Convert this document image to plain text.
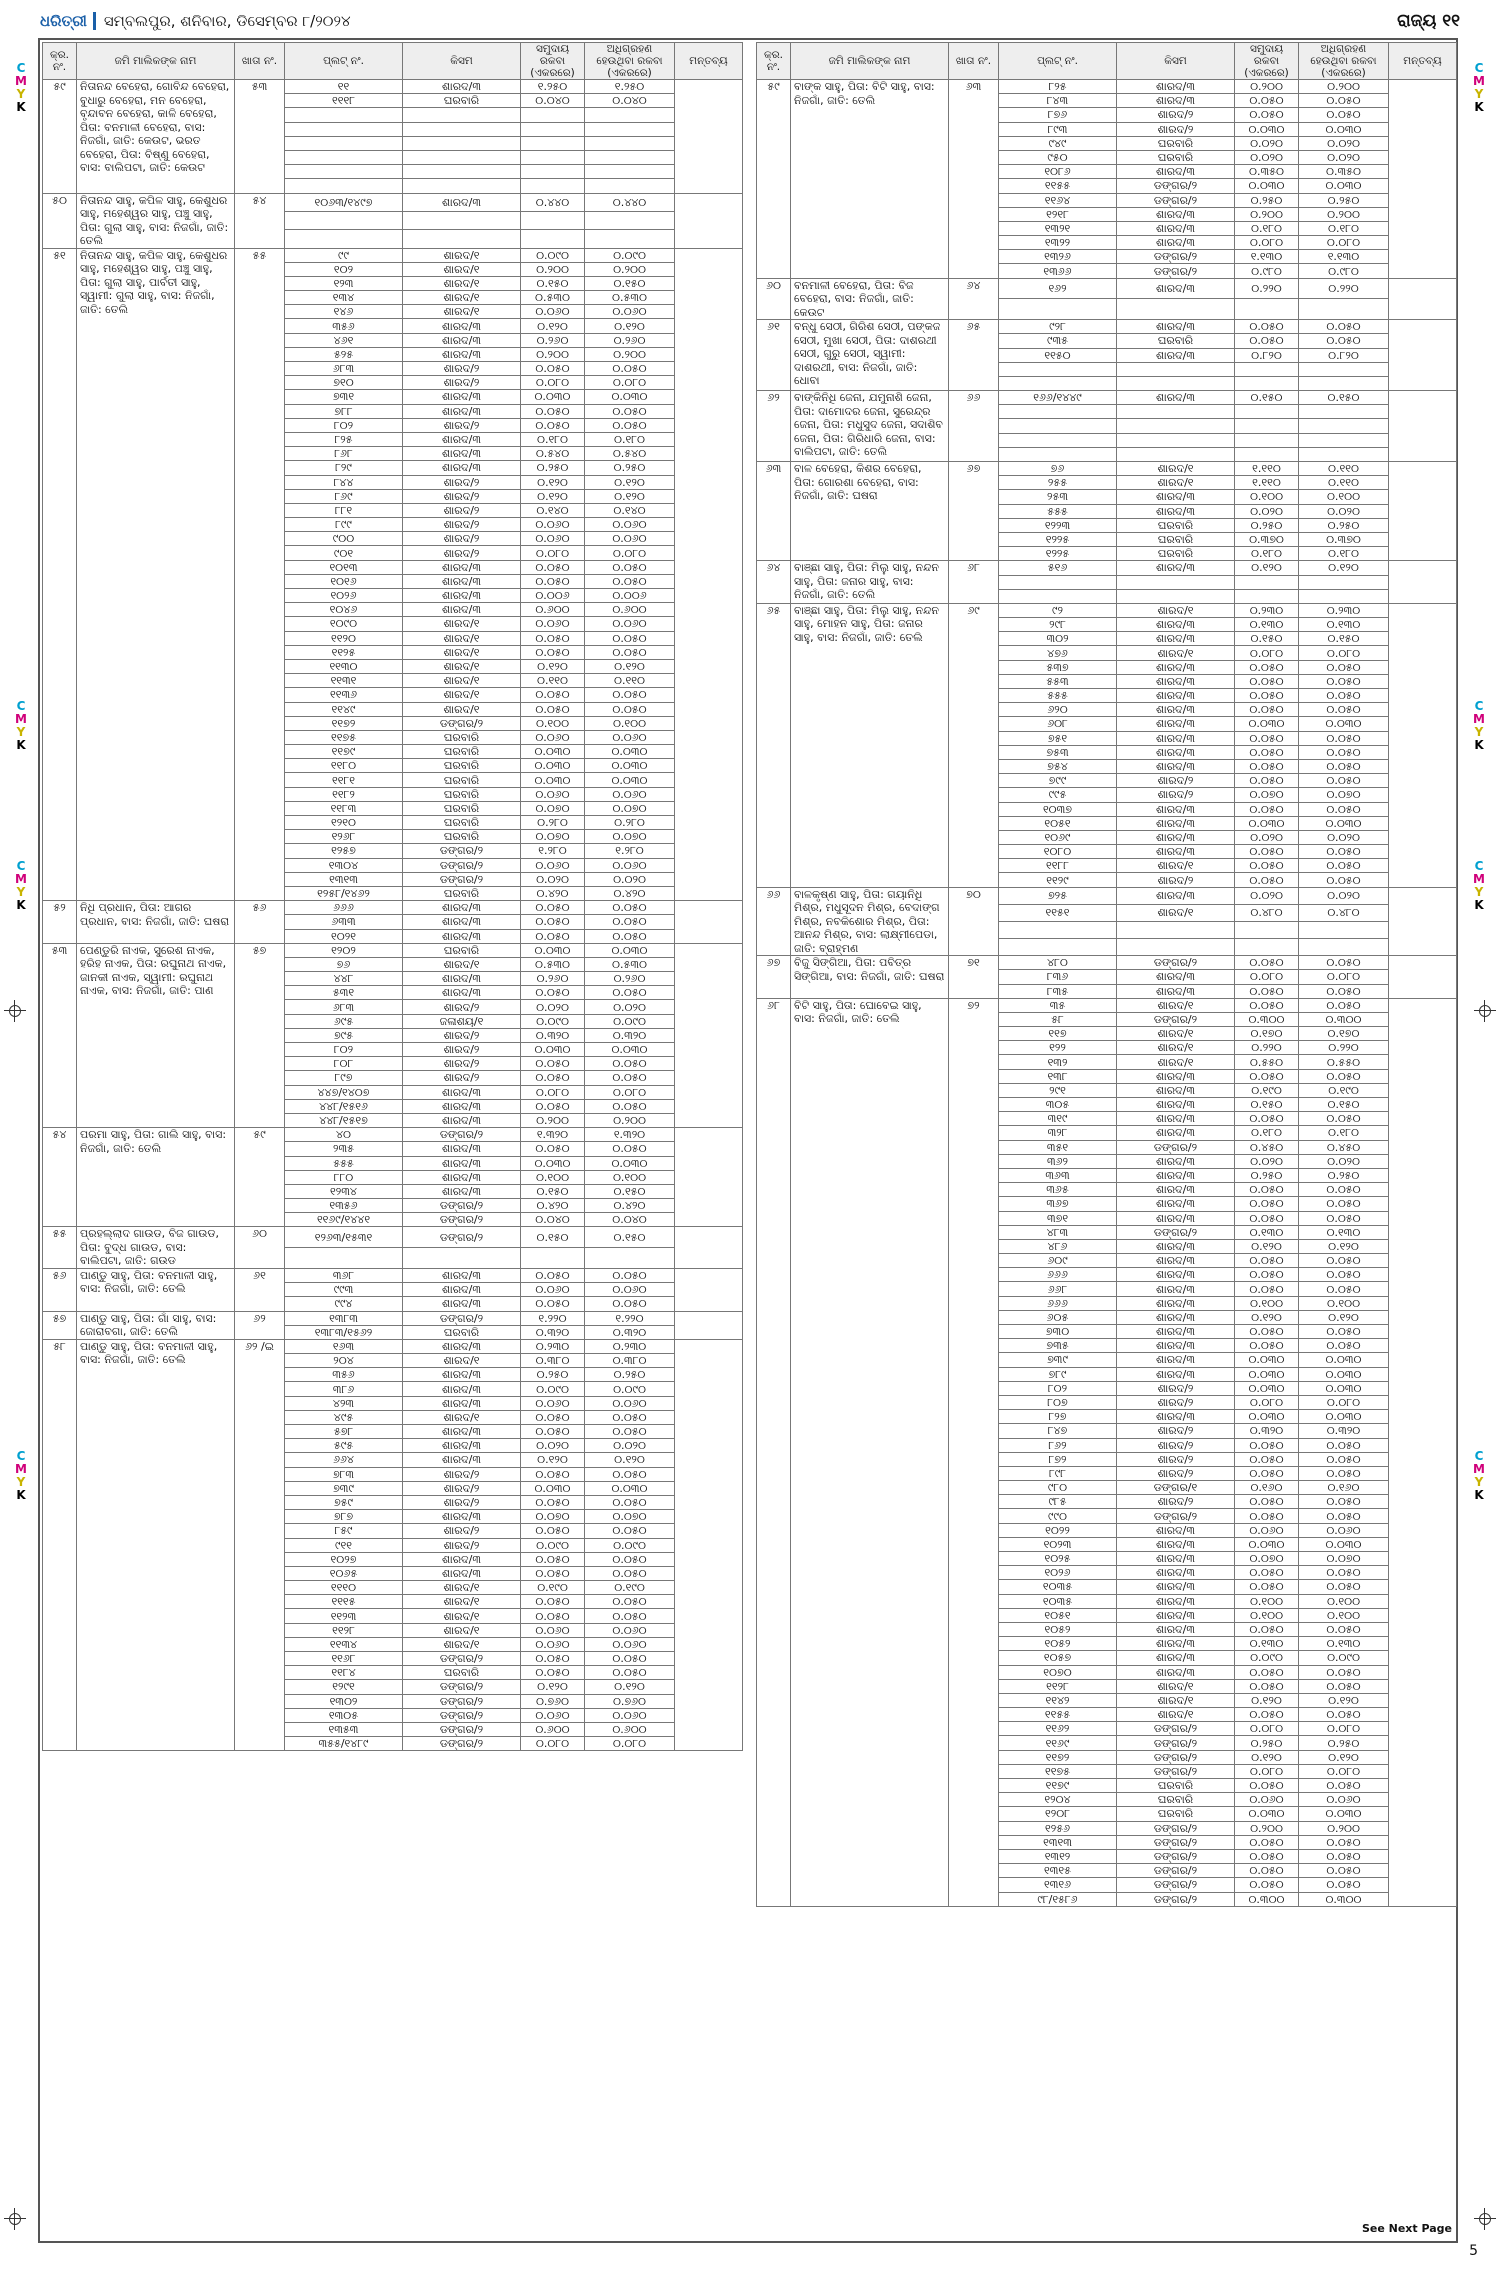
ଧରିତ୍ରୀ ସମ୍ବଲପୁର, ଶନିବାର, ଡିସେମ୍ବର ୮/୨୦୨୪	ରାଜ୍ୟ ୧୧
କ୍ର. ନଂ.	ଜମି ମାଲିକଙ୍କ ନାମ	ଖାତା ନଂ.	ପ୍ଲଟ୍ ନଂ.	କିସମ	ସମୁଦାୟ ରକବା (ଏକରରେ)	ଅଧିଗ୍ରହଣ ହେଉଥିବା ରକବା (ଏକରରେ)	ମନ୍ତବ୍ୟ
୫୯	ନିତାନନ୍ଦ ବେହେରା, ଗୋବିନ୍ଦ ବେହେରା, ବୁଧାରୁ ବେହେରା, ମନ ବେହେରା, ବୃନ୍ଦାବନ ବେହେରା, କାଳି ବେହେରା, ପିତା: ବନମାଳୀ ବେହେରା, ବାସ: ନିଜଗାଁ, ଜାତି: କେଉଟ, ଭରତ ବେହେରା, ପିତା: ବିଷ୍ଣୁ ବେହେରା, ବାସ: ବାଲିପଟା, ଜାତି: କେଉଟ	୫୩	୧୧	ଶାରଦ/୩	୧.୨୫୦	୧.୨୫୦	
			୧୧୧୮	ଘରବାରି	୦.୦୪୦	୦.୦୪୦	

୫୦	ନିତାନନ୍ଦ ସାହୁ, କପିଳ ସାହୁ, କେଶୁଧର ସାହୁ, ମହେଶ୍ୱର ସାହୁ, ପଞ୍ଚୁ ସାହୁ, ପିତା: ଗୁଲା ସାହୁ, ବାସ: ନିଜଗାଁ, ଜାତି: ତେଲି	୫୪	୧୦୬୩/୧୪୯୭	ଶାରଦ/୩	୦.୪୪୦	୦.୪୪୦	

୫୧	ନିତାନନ୍ଦ ସାହୁ, କପିଳ ସାହୁ, କେଶୁଧର ସାହୁ, ମହେଶ୍ୱର ସାହୁ, ପଞ୍ଚୁ ସାହୁ, ପିତା: ଗୁଲା ସାହୁ, ପାର୍ବତୀ ସାହୁ, ସ୍ୱାମୀ: ଗୁଲା ସାହୁ, ବାସ: ନିଜଗାଁ, ଜାତି: ତେଲି	୫୫	୯୯	ଶାରଦ/୧	୦.୦୯୦	୦.୦୯୦	
			୧୦୨	ଶାରଦ/୧	୦.୨୦୦	୦.୨୦୦	
			୧୨୩	ଶାରଦ/୧	୦.୧୫୦	୦.୧୫୦	
			୧୩୪	ଶାରଦ/୧	୦.୫୩୦	୦.୫୩୦	
			୧୪୬	ଶାରଦ/୧	୦.୦୬୦	୦.୦୬୦	
			୩୫୬	ଶାରଦ/୩	୦.୧୨୦	୦.୧୨୦	
			୪୬୧	ଶାରଦ/୩	୦.୨୬୦	୦.୨୬୦	
			୫୨୫	ଶାରଦ/୩	୦.୨୦୦	୦.୨୦୦	
			୬୮୩	ଶାରଦ/୨	୦.୦୫୦	୦.୦୫୦	
			୭୧୦	ଶାରଦ/୨	୦.୦୮୦	୦.୦୮୦	
			୭୩୧	ଶାରଦ/୩	୦.୦୩୦	୦.୦୩୦	
			୭୮୮	ଶାରଦ/୩	୦.୦୫୦	୦.୦୫୦	
			୮୦୨	ଶାରଦ/୨	୦.୦୫୦	୦.୦୫୦	
			୮୨୫	ଶାରଦ/୩	୦.୧୮୦	୦.୧୮୦	
			୮୬୮	ଶାରଦ/୩	୦.୫୪୦	୦.୫୪୦	
			୮୨୯	ଶାରଦ/୩	୦.୨୫୦	୦.୨୫୦	
			୮୪୪	ଶାରଦ/୨	୦.୧୨୦	୦.୧୨୦	
			୮୬୯	ଶାରଦ/୨	୦.୧୨୦	୦.୧୨୦	
			୮୮୧	ଶାରଦ/୨	୦.୧୪୦	୦.୧୪୦	
			୮୯୯	ଶାରଦ/୨	୦.୦୬୦	୦.୦୬୦	
			୯୦୦	ଶାରଦ/୨	୦.୦୬୦	୦.୦୬୦	
			୯୦୧	ଶାରଦ/୨	୦.୦୮୦	୦.୦୮୦	
			୧୦୧୩	ଶାରଦ/୩	୦.୦୫୦	୦.୦୫୦	
			୧୦୧୬	ଶାରଦ/୩	୦.୦୫୦	୦.୦୫୦	
			୧୦୨୬	ଶାରଦ/୩	୦.୦୦୬	୦.୦୦୬	
			୧୦୪୬	ଶାରଦ/୩	୦.୬୦୦	୦.୬୦୦	
			୧୦୯୦	ଶାରଦ/୧	୦.୦୬୦	୦.୦୬୦	
			୧୧୨୦	ଶାରଦ/୧	୦.୦୫୦	୦.୦୫୦	
			୧୧୨୫	ଶାରଦ/୧	୦.୦୫୦	୦.୦୫୦	
			୧୧୩୦	ଶାରଦ/୧	୦.୧୨୦	୦.୧୨୦	
			୧୧୩୧	ଶାରଦ/୧	୦.୧୧୦	୦.୧୧୦	
			୧୧୩୬	ଶାରଦ/୧	୦.୦୫୦	୦.୦୫୦	
			୧୧୪୯	ଶାରଦ/୧	୦.୦୫୦	୦.୦୫୦	
			୧୧୭୨	ଡଙ୍ଗର/୨	୦.୧୦୦	୦.୧୦୦	
			୧୧୭୫	ଘରବାରି	୦.୦୬୦	୦.୦୬୦	
			୧୧୭୯	ଘରବାରି	୦.୦୩୦	୦.୦୩୦	
			୧୧୮୦	ଘରବାରି	୦.୦୩୦	୦.୦୩୦	
			୧୧୮୧	ଘରବାରି	୦.୦୩୦	୦.୦୩୦	
			୧୧୮୨	ଘରବାରି	୦.୦୬୦	୦.୦୬୦	
			୧୧୮୩	ଘରବାରି	୦.୦୭୦	୦.୦୭୦	
			୧୨୧୦	ଘରବାରି	୦.୨୮୦	୦.୨୮୦	
			୧୨୬୮	ଘରବାରି	୦.୦୭୦	୦.୦୭୦	
			୧୨୫୭	ଡଙ୍ଗର/୨	୧.୨୮୦	୧.୨୮୦	
			୧୩୦୪	ଡଙ୍ଗର/୨	୦.୦୬୦	୦.୦୬୦	
			୧୩୧୩	ଡଙ୍ଗର/୨	୦.୦୨୦	୦.୦୨୦	
			୧୨୫୮/୧୪୬୨	ଘରବାରି	୦.୪୨୦	୦.୪୨୦	
୫୨	ନିଧି ପ୍ରଧାନ, ପିତା: ଆଗର ପ୍ରଧାନ, ବାସ: ନିଜଗାଁ, ଜାତି: ଘଷରା	୫୬	୬୬୬	ଶାରଦ/୩	୦.୦୫୦	୦.୦୫୦	
			୬୩୩	ଶାରଦ/୩	୦.୦୫୦	୦.୦୫୦	
			୧୦୨୧	ଶାରଦ/୩	୦.୦୫୦	୦.୦୫୦	
୫୩	ପେଣ୍ଡୁରି ନାଏକ, ସୁରେଶ ନାଏକ, ହରିହ ନାଏକ, ପିତା: ରଘୁନାଥ ନାଏକ, ଜାନକୀ ନାଏକ, ସ୍ୱାମୀ: ରଘୁନାଥ ନାଏକ, ବାସ: ନିଜଗାଁ, ଜାତି: ପାଣ	୫୭	୧୨୦୨	ଘରବାରି	୦.୦୩୦	୦.୦୩୦	
			୭୬	ଶାରଦ/୧	୦.୫୩୦	୦.୫୩୦	
			୪୪୮	ଶାରଦ/୩	୦.୨୬୦	୦.୨୬୦	
			୫୩୧	ଶାରଦ/୩	୦.୦୫୦	୦.୦୫୦	
			୬୮୩	ଶାରଦ/୨	୦.୦୨୦	୦.୦୨୦	
			୬୯୫	ଜଳାଶୟ/୧	୦.୦୯୦	୦.୦୯୦	
			୭୯୫	ଶାରଦ/୨	୦.୩୨୦	୦.୩୨୦	
			୮୦୨	ଶାରଦ/୨	୦.୦୩୦	୦.୦୩୦	
			୮୦୮	ଶାରଦ/୨	୦.୦୫୦	୦.୦୫୦	
			୮୯୭	ଶାରଦ/୨	୦.୦୫୦	୦.୦୫୦	
			୪୪୭/୧୪୦୭	ଶାରଦ/୩	୦.୦୮୦	୦.୦୮୦	
			୪୪୮/୧୫୧୬	ଶାରଦ/୩	୦.୦୫୦	୦.୦୫୦	
			୪୪୮/୧୫୧୭	ଶାରଦ/୩	୦.୨୦୦	୦.୨୦୦	
୫୪	ପରମା ସାହୁ, ପିତା: ଗାଲି ସାହୁ, ବାସ: ନିଜଗାଁ, ଜାତି: ତେଲି	୫୯	୪୦	ଡଙ୍ଗର/୨	୧.୩୨୦	୧.୩୨୦	
			୨୩୫	ଶାରଦ/୩	୦.୦୫୦	୦.୦୫୦	
			୫୫୫	ଶାରଦ/୩	୦.୦୩୦	୦.୦୩୦	
			୮୮୦	ଶାରଦ/୩	୦.୧୦୦	୦.୧୦୦	
			୧୨୩୪	ଶାରଦ/୩	୦.୧୫୦	୦.୧୫୦	
			୧୩୫୬	ଡଙ୍ଗର/୨	୦.୪୨୦	୦.୪୨୦	
			୧୧୬୯/୧୪୪୧	ଡଙ୍ଗର/୨	୦.୦୪୦	୦.୦୪୦	
୫୫	ପ୍ରହଲ୍ଲାଦ ଗାଉଡ, ବିଜ ଗାଉଡ, ପିତା: ବୁଦ୍ଧ ଗାଉଡ, ବାସ: ବାଲିପଟା, ଜାତି: ଗଉଡ	୬୦	୧୨୬୩/୧୫୩୧	ଡଙ୍ଗର/୨	୦.୧୫୦	୦.୧୫୦	

୫୬	ପାଣ୍ଡୁ ସାହୁ, ପିତା: ବନମାଳୀ ସାହୁ, ବାସ: ନିଜଗାଁ, ଜାତି: ତେଲି	୬୧	୩୬୮	ଶାରଦ/୩	୦.୦୫୦	୦.୦୫୦	
			୯୯୩	ଶାରଦ/୩	୦.୦୬୦	୦.୦୬୦	
			୯୯୪	ଶାରଦ/୩	୦.୦୫୦	୦.୦୫୦	
୫୭	ପାଣ୍ଡୁ ସାହୁ, ପିତା: ଗାଁ ସାହୁ, ବାସ: ଜୋରାବଗା, ଜାତି: ତେଲି	୬୨	୧୩୮୩	ଡଙ୍ଗର/୨	୧.୨୨୦	୧.୨୨୦	
			୧୩୮୩/୧୫୬୨	ଘରବାରି	୦.୩୨୦	୦.୩୨୦	
୫୮	ପାଣ୍ଡୁ ସାହୁ, ପିତା: ବନମାଳୀ ସାହୁ, ବାସ: ନିଜଗାଁ, ଜାତି: ତେଲି	୬୨ /ଇ	୧୬୩	ଶାରଦ/୩	୦.୨୩୦	୦.୨୩୦	
			୨୦୪	ଶାରଦ/୧	୦.୩୮୦	୦.୩୮୦	
			୩୫୬	ଶାରଦ/୩	୦.୨୫୦	୦.୨୫୦	
			୩୮୬	ଶାରଦ/୩	୦.୦୯୦	୦.୦୯୦	
			୪୨୩	ଶାରଦ/୩	୦.୦୬୦	୦.୦୬୦	
			୪୯୫	ଶାରଦ/୧	୦.୦୫୦	୦.୦୫୦	
			୫୭୮	ଶାରଦ/୩	୦.୦୫୦	୦.୦୫୦	
			୫୯୫	ଶାରଦ/୩	୦.୦୨୦	୦.୦୨୦	
			୬୬୪	ଶାରଦ/୩	୦.୧୨୦	୦.୧୨୦	
			୭୮୩	ଶାରଦ/୨	୦.୦୫୦	୦.୦୫୦	
			୭୩୯	ଶାରଦ/୨	୦.୦୩୦	୦.୦୩୦	
			୭୫୯	ଶାରଦ/୨	୦.୦୫୦	୦.୦୫୦	
			୭୮୭	ଶାରଦ/୩	୦.୦୭୦	୦.୦୭୦	
			୮୫୯	ଶାରଦ/୨	୦.୦୫୦	୦.୦୫୦	
			୯୧୧	ଶାରଦ/୨	୦.୦୯୦	୦.୦୯୦	
			୧୦୨୭	ଶାରଦ/୩	୦.୦୫୦	୦.୦୫୦	
			୧୦୬୫	ଶାରଦ/୩	୦.୦୫୦	୦.୦୫୦	
			୧୧୧୦	ଶାରଦ/୧	୦.୧୯୦	୦.୧୯୦	
			୧୧୧୫	ଶାରଦ/୧	୦.୦୫୦	୦.୦୫୦	
			୧୧୨୩	ଶାରଦ/୧	୦.୦୫୦	୦.୦୫୦	
			୧୧୨୮	ଶାରଦ/୧	୦.୦୬୦	୦.୦୬୦	
			୧୧୩୪	ଶାରଦ/୧	୦.୦୬୦	୦.୦୬୦	
			୧୧୬୮	ଡଙ୍ଗର/୨	୦.୦୫୦	୦.୦୫୦	
			୧୧୮୪	ଘରବାରି	୦.୦୫୦	୦.୦୫୦	
			୧୨୯୧	ଡଙ୍ଗର/୨	୦.୧୨୦	୦.୧୨୦	
			୧୩୦୨	ଡଙ୍ଗର/୨	୦.୭୬୦	୦.୭୬୦	
			୧୩୦୫	ଡଙ୍ଗର/୨	୦.୦୬୦	୦.୦୬୦	
			୧୩୫୩	ଡଙ୍ଗର/୨	୦.୬୦୦	୦.୬୦୦	
			୩୫୫/୧୪୮୯	ଡଙ୍ଗର/୨	୦.୦୮୦	୦.୦୮୦	
କ୍ର. ନଂ.	ଜମି ମାଲିକଙ୍କ ନାମ	ଖାତା ନଂ.	ପ୍ଲଟ୍ ନଂ.	କିସମ	ସମୁଦାୟ ରକବା (ଏକରରେ)	ଅଧିଗ୍ରହଣ ହେଉଥିବା ରକବା (ଏକରରେ)	ମନ୍ତବ୍ୟ
୫୯	ବାଙ୍କ ସାହୁ, ପିତା: ବିଟି ସାହୁ, ବାସ: ନିଜଗାଁ, ଜାତି: ତେଲି	୬୩	୮୨୫	ଶାରଦ/୩	୦.୨୦୦	୦.୨୦୦	
			୮୪୩	ଶାରଦ/୩	୦.୦୫୦	୦.୦୫୦	
			୮୭୬	ଶାରଦ/୨	୦.୦୫୦	୦.୦୫୦	
			୮୯୩	ଶାରଦ/୨	୦.୦୩୦	୦.୦୩୦	
			୯୪୯	ଘରବାରି	୦.୦୨୦	୦.୦୨୦	
			୯୫୦	ଘରବାରି	୦.୦୨୦	୦.୦୨୦	
			୧୦୮୬	ଶାରଦ/୩	୦.୩୫୦	୦.୩୫୦	
			୧୧୫୫	ଡଙ୍ଗର/୨	୦.୦୩୦	୦.୦୩୦	
			୧୧୬୪	ଡଙ୍ଗର/୨	୦.୨୫୦	୦.୨୫୦	
			୧୨୧୮	ଶାରଦ/୩	୦.୨୦୦	୦.୨୦୦	
			୧୩୨୧	ଶାରଦ/୩	୦.୧୮୦	୦.୧୮୦	
			୧୩୨୨	ଶାରଦ/୩	୦.୦୮୦	୦.୦୮୦	
			୧୩୨୬	ଡଙ୍ଗର/୨	୧.୧୩୦	୧.୧୩୦	
			୧୩୬୬	ଡଙ୍ଗର/୨	୦.୯୮୦	୦.୯୮୦	
୬୦	ବନମାଳୀ ବେହେରା, ପିତା: ବିଜ ବେହେରା, ବାସ: ନିଜଗାଁ, ଜାତି: କେଉଟ	୬୪	୧୬୨	ଶାରଦ/୩	୦.୨୨୦	୦.୨୨୦	

୬୧	ବନ୍ଧୁ ସେଠୀ, ଗିରିଶ ସେଠୀ, ପଙ୍କଜ ସେଠୀ, ମୁଖା ସେଠୀ, ପିତା: ଦାଶରଥୀ ସେଠୀ, ଗୁରୁ ସେଠୀ, ସ୍ୱାମୀ: ଦାଶରଥୀ, ବାସ: ନିଜଗାଁ, ଜାତି: ଧୋବା	୬୫	୯୨୮	ଶାରଦ/୩	୦.୦୫୦	୦.୦୫୦	
			୯୩୫	ଘରବାରି	୦.୦୫୦	୦.୦୫୦	
			୧୧୫୦	ଶାରଦ/୩	୦.୮୨୦	୦.୮୨୦	

୬୨	ବାଙ୍କିନିଧି ଜେନା, ଯମୁନାଶି ଜେନା, ପିତା: ଦାମୋଦର ଜେନା, ସୁରେନ୍ଦ୍ର ଜେନା, ପିତା: ମଧୁସୁଦ ଜେନା, ସଦାଶିବ ଜେନା, ପିତା: ଗିରିଧାରି ଜେନା, ବାସ: ବାଲିପଟା, ଜାତି: ତେଲି	୬୬	୧୬୬/୧୪୪୯	ଶାରଦ/୩	୦.୧୫୦	୦.୧୫୦	

୬୩	ବାଳ ବେହେରା, କିଶର ବେହେରା, ପିତା: ଗୋରଶା ବେହେରା, ବାସ: ନିଜଗାଁ, ଜାତି: ଘଷରା	୬୭	୭୬	ଶାରଦ/୧	୧.୧୧୦	୦.୧୧୦	
			୨୫୫	ଶାରଦ/୧	୧.୧୧୦	୦.୧୧୦	
			୨୫୩	ଶାରଦ/୩	୦.୧୦୦	୦.୧୦୦	
			୫୫୫	ଶାରଦ/୩	୦.୦୨୦	୦.୦୨୦	
			୧୨୨୩	ଘରବାରି	୦.୨୫୦	୦.୨୫୦	
			୧୨୨୫	ଘରବାରି	୦.୩୭୦	୦.୩୭୦	
			୧୨୨୫	ଘରବାରି	୦.୧୮୦	୦.୧୮୦	
୬୪	ବାଞ୍ଛା ସାହୁ, ପିତା: ମିଲୁ ସାହୁ, ନନ୍ଦନ ସାହୁ, ପିତା: ଜନାର ସାହୁ, ବାସ: ନିଜଗାଁ, ଜାତି: ତେଲି	୬୮	୫୧୬	ଶାରଦ/୩	୦.୧୨୦	୦.୧୨୦	

୬୫	ବାଞ୍ଛା ସାହୁ, ପିତା: ମିଲୁ ସାହୁ, ନନ୍ଦନ ସାହୁ, ମୋହନ ସାହୁ, ପିତା: ଜନାର ସାହୁ, ବାସ: ନିଜଗାଁ, ଜାତି: ତେଲି	୬୯	୯୨	ଶାରଦ/୧	୦.୨୩୦	୦.୨୩୦	
			୨୯୮	ଶାରଦ/୩	୦.୧୩୦	୦.୧୩୦	
			୩୦୨	ଶାରଦ/୩	୦.୧୫୦	୦.୧୫୦	
			୪୭୬	ଶାରଦ/୧	୦.୦୮୦	୦.୦୮୦	
			୫୩୭	ଶାରଦ/୩	୦.୦୫୦	୦.୦୫୦	
			୫୫୩	ଶାରଦ/୩	୦.୦୫୦	୦.୦୫୦	
			୫୫୫	ଶାରଦ/୩	୦.୦୫୦	୦.୦୫୦	
			୬୨୦	ଶାରଦ/୩	୦.୦୫୦	୦.୦୫୦	
			୬୦୮	ଶାରଦ/୩	୦.୦୩୦	୦.୦୩୦	
			୭୫୧	ଶାରଦ/୩	୦.୦୫୦	୦.୦୫୦	
			୭୫୩	ଶାରଦ/୩	୦.୦୫୦	୦.୦୫୦	
			୭୫୪	ଶାରଦ/୩	୦.୦୫୦	୦.୦୫୦	
			୭୯୯	ଶାରଦ/୨	୦.୦୫୦	୦.୦୫୦	
			୯୯୫	ଶାରଦ/୨	୦.୦୭୦	୦.୦୭୦	
			୧୦୩୭	ଶାରଦ/୩	୦.୦୫୦	୦.୦୫୦	
			୧୦୫୧	ଶାରଦ/୩	୦.୦୩୦	୦.୦୩୦	
			୧୦୬୯	ଶାରଦ/୩	୦.୦୨୦	୦.୦୨୦	
			୧୦୮୦	ଶାରଦ/୩	୦.୦୫୦	୦.୦୫୦	
			୧୧୮୮	ଶାରଦ/୧	୦.୦୫୦	୦.୦୫୦	
			୧୧୨୯	ଶାରଦ/୨	୦.୦୫୦	୦.୦୫୦	
୬୬	ବାଳକୃଷ୍ଣ ସାହୁ, ପିତା: ଗୟାନିଧି ମିଶ୍ର, ମଧୁସୂଦନ ମିଶ୍ର, ବେଦାଙ୍ଗ ମିଶ୍ର, ନବକିଶୋର ମିଶ୍ର, ପିତା: ଆନନ୍ଦ ମିଶ୍ର, ବାସ: ଲାକ୍ଷ୍ମୀପେଡା, ଜାତି: ବ୍ରାହ୍ମଣ	୭୦	୭୨୫	ଶାରଦ/୩	୦.୦୨୦	୦.୦୨୦	
			୧୧୫୧	ଶାରଦ/୧	୦.୪୮୦	୦.୪୮୦	

୬୭	ବିଜୁ ସିଙ୍ଗିଆ, ପିତା: ପବିତ୍ର ସିଙ୍ଗିଆ, ବାସ: ନିଜଗାଁ, ଜାତି: ଘଷରା	୭୧	୪୮୦	ଡଙ୍ଗର/୨	୦.୦୫୦	୦.୦୫୦	
			୮୩୬	ଶାରଦ/୩	୦.୦୮୦	୦.୦୮୦	
			୮୩୫	ଶାରଦ/୩	୦.୦୫୦	୦.୦୫୦	
୬୮	ବିଟି ସାହୁ, ପିତା: ଘୋବେଇ ସାହୁ, ବାସ: ନିଜଗାଁ, ଜାତି: ତେଲି	୭୨	୩୫	ଶାରଦ/୧	୦.୦୫୦	୦.୦୫୦	
			୫୮	ଡଙ୍ଗର/୨	୦.୩୦୦	୦.୩୦୦	
			୧୧୭	ଶାରଦ/୧	୦.୧୭୦	୦.୧୭୦	
			୧୨୨	ଶାରଦ/୧	୦.୨୨୦	୦.୨୨୦	
			୧୩୨	ଶାରଦ/୧	୦.୫୫୦	୦.୫୫୦	
			୧୩୮	ଶାରଦ/୩	୦.୦୫୦	୦.୦୫୦	
			୨୯୧	ଶାରଦ/୩	୦.୧୯୦	୦.୧୯୦	
			୩୦୫	ଶାରଦ/୩	୦.୧୫୦	୦.୧୫୦	
			୩୧୯	ଶାରଦ/୩	୦.୦୫୦	୦.୦୫୦	
			୩୨୮	ଶାରଦ/୩	୦.୧୮୦	୦.୧୮୦	
			୩୫୧	ଡଙ୍ଗର/୨	୦.୪୫୦	୦.୪୫୦	
			୩୬୨	ଶାରଦ/୩	୦.୦୨୦	୦.୦୨୦	
			୩୬୩	ଶାରଦ/୩	୦.୨୫୦	୦.୨୫୦	
			୩୬୫	ଶାରଦ/୩	୦.୦୫୦	୦.୦୫୦	
			୩୬୭	ଶାରଦ/୩	୦.୦୫୦	୦.୦୫୦	
			୩୭୧	ଶାରଦ/୩	୦.୦୫୦	୦.୦୫୦	
			୪୮୩	ଡଙ୍ଗର/୨	୦.୧୩୦	୦.୧୩୦	
			୪୮୬	ଶାରଦ/୩	୦.୧୨୦	୦.୧୨୦	
			୬୦୯	ଶାରଦ/୩	୦.୦୫୦	୦.୦୫୦	
			୬୬୬	ଶାରଦ/୩	୦.୦୫୦	୦.୦୫୦	
			୬୬୮	ଶାରଦ/୩	୦.୦୫୦	୦.୦୫୦	
			୬୬୬	ଶାରଦ/୩	୦.୧୦୦	୦.୧୦୦	
			୬୦୫	ଶାରଦ/୩	୦.୧୨୦	୦.୧୨୦	
			୭୩୦	ଶାରଦ/୩	୦.୦୫୦	୦.୦୫୦	
			୭୩୫	ଶାରଦ/୩	୦.୦୫୦	୦.୦୫୦	
			୭୩୯	ଶାରଦ/୩	୦.୦୩୦	୦.୦୩୦	
			୭୮୯	ଶାରଦ/୩	୦.୦୩୦	୦.୦୩୦	
			୮୦୨	ଶାରଦ/୨	୦.୦୩୦	୦.୦୩୦	
			୮୦୭	ଶାରଦ/୨	୦.୦୮୦	୦.୦୮୦	
			୮୨୭	ଶାରଦ/୩	୦.୦୩୦	୦.୦୩୦	
			୮୪୭	ଶାରଦ/୨	୦.୩୨୦	୦.୩୨୦	
			୮୬୨	ଶାରଦ/୨	୦.୦୫୦	୦.୦୫୦	
			୮୭୨	ଶାରଦ/୨	୦.୦୫୦	୦.୦୫୦	
			୮୯୮	ଶାରଦ/୨	୦.୦୫୦	୦.୦୫୦	
			୯୮୦	ଡଙ୍ଗର/୧	୦.୧୬୦	୦.୧୬୦	
			୯୮୫	ଶାରଦ/୨	୦.୦୫୦	୦.୦୫୦	
			୯୯୦	ଡଙ୍ଗର/୨	୦.୦୫୦	୦.୦୫୦	
			୧୦୨୨	ଶାରଦ/୩	୦.୦୬୦	୦.୦୬୦	
			୧୦୨୩	ଶାରଦ/୩	୦.୦୩୦	୦.୦୩୦	
			୧୦୨୫	ଶାରଦ/୩	୦.୦୭୦	୦.୦୭୦	
			୧୦୨୬	ଶାରଦ/୩	୦.୦୫୦	୦.୦୫୦	
			୧୦୩୫	ଶାରଦ/୩	୦.୦୫୦	୦.୦୫୦	
			୧୦୩୫	ଶାରଦ/୩	୦.୧୦୦	୦.୧୦୦	
			୧୦୫୧	ଶାରଦ/୩	୦.୧୦୦	୦.୧୦୦	
			୧୦୫୨	ଶାରଦ/୩	୦.୦୫୦	୦.୦୫୦	
			୧୦୫୨	ଶାରଦ/୩	୦.୧୩୦	୦.୧୩୦	
			୧୦୫୭	ଶାରଦ/୩	୦.୦୯୦	୦.୦୯୦	
			୧୦୭୦	ଶାରଦ/୩	୦.୦୫୦	୦.୦୫୦	
			୧୧୨୮	ଶାରଦ/୧	୦.୦୫୦	୦.୦୫୦	
			୧୧୪୨	ଶାରଦ/୧	୦.୧୨୦	୦.୧୨୦	
			୧୧୫୫	ଶାରଦ/୧	୦.୦୫୦	୦.୦୫୦	
			୧୧୬୨	ଡଙ୍ଗର/୨	୦.୦୮୦	୦.୦୮୦	
			୧୧୬୯	ଡଙ୍ଗର/୨	୦.୨୫୦	୦.୨୫୦	
			୧୧୭୨	ଡଙ୍ଗର/୨	୦.୧୨୦	୦.୧୨୦	
			୧୧୭୫	ଡଙ୍ଗର/୨	୦.୦୮୦	୦.୦୮୦	
			୧୧୭୯	ଘରବାରି	୦.୦୫୦	୦.୦୫୦	
			୧୨୦୪	ଘରବାରି	୦.୦୬୦	୦.୦୬୦	
			୧୨୦୮	ଘରବାରି	୦.୦୩୦	୦.୦୩୦	
			୧୨୫୬	ଡଙ୍ଗର/୨	୦.୨୦୦	୦.୨୦୦	
			୧୩୧୩	ଡଙ୍ଗର/୨	୦.୦୫୦	୦.୦୫୦	
			୧୩୧୨	ଡଙ୍ଗର/୨	୦.୦୫୦	୦.୦୫୦	
			୧୩୧୫	ଡଙ୍ଗର/୨	୦.୦୫୦	୦.୦୫୦	
			୧୩୧୬	ଡଙ୍ଗର/୨	୦.୦୫୦	୦.୦୫୦	
			୯୮/୧୫୮୬	ଡଙ୍ଗର/୨	୦.୩୦୦	୦.୩୦୦	
See Next Page
5
C
M
Y
K
C
M
Y
K
C
M
Y
K
C
M
Y
K
C
M
Y
K
C
M
Y
K
C
M
Y
K
C
M
Y
K
